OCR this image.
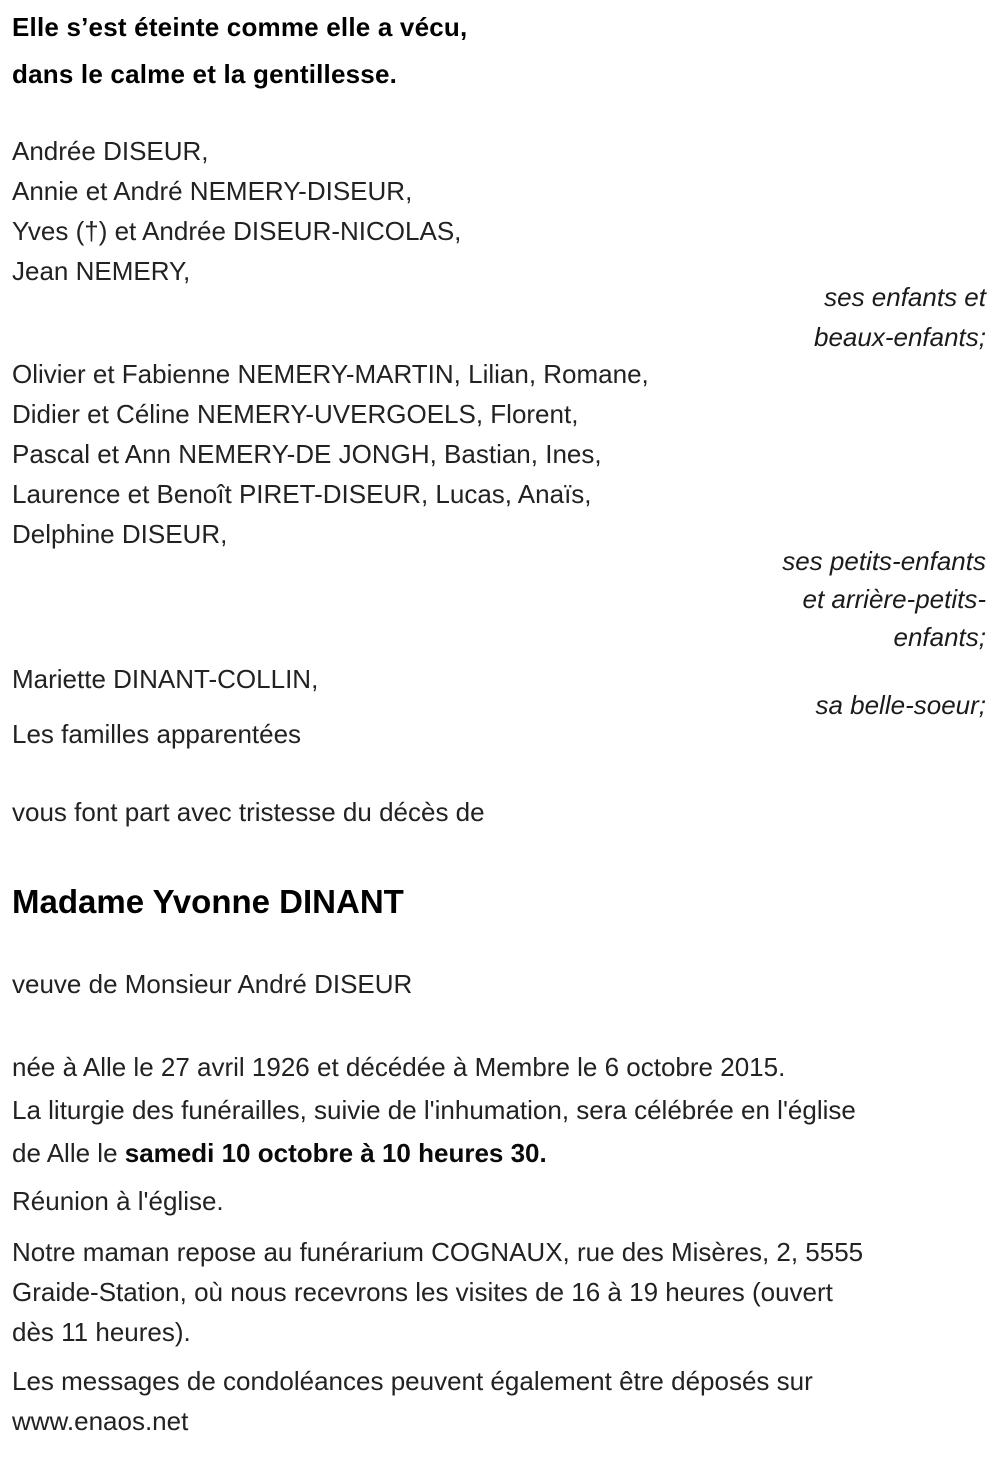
Elle s’est éteinte comme elle a vécu,
dans le calme et la gentillesse.
Andrée DISEUR,
Annie et André NEMERY-DISEUR,
Yves (†) et Andrée DISEUR-NICOLAS,
Jean NEMERY,
ses enfants et
beaux-enfants;
Olivier et Fabienne NEMERY-MARTIN, Lilian, Romane,
Didier et Céline NEMERY-UVERGOELS, Florent,
Pascal et Ann NEMERY-DE JONGH, Bastian, Ines,
Laurence et Benoît PIRET-DISEUR, Lucas, Anaïs,
Delphine DISEUR,
ses petits-enfants
et arrière-petits-
enfants;
Mariette DINANT-COLLIN,
sa belle-soeur;
Les familles apparentées
vous font part avec tristesse du décès de
Madame Yvonne DINANT
veuve de Monsieur André DISEUR
née à Alle le 27 avril 1926 et décédée à Membre le 6 octobre 2015.
La liturgie des funérailles, suivie de l'inhumation, sera célébrée en l'église
de Alle le samedi 10 octobre à 10 heures 30.
Réunion à l'église.
Notre maman repose au funérarium COGNAUX, rue des Misères, 2, 5555
Graide-Station, où nous recevrons les visites de 16 à 19 heures (ouvert
dès 11 heures).
Les messages de condoléances peuvent également être déposés sur
www.enaos.net
